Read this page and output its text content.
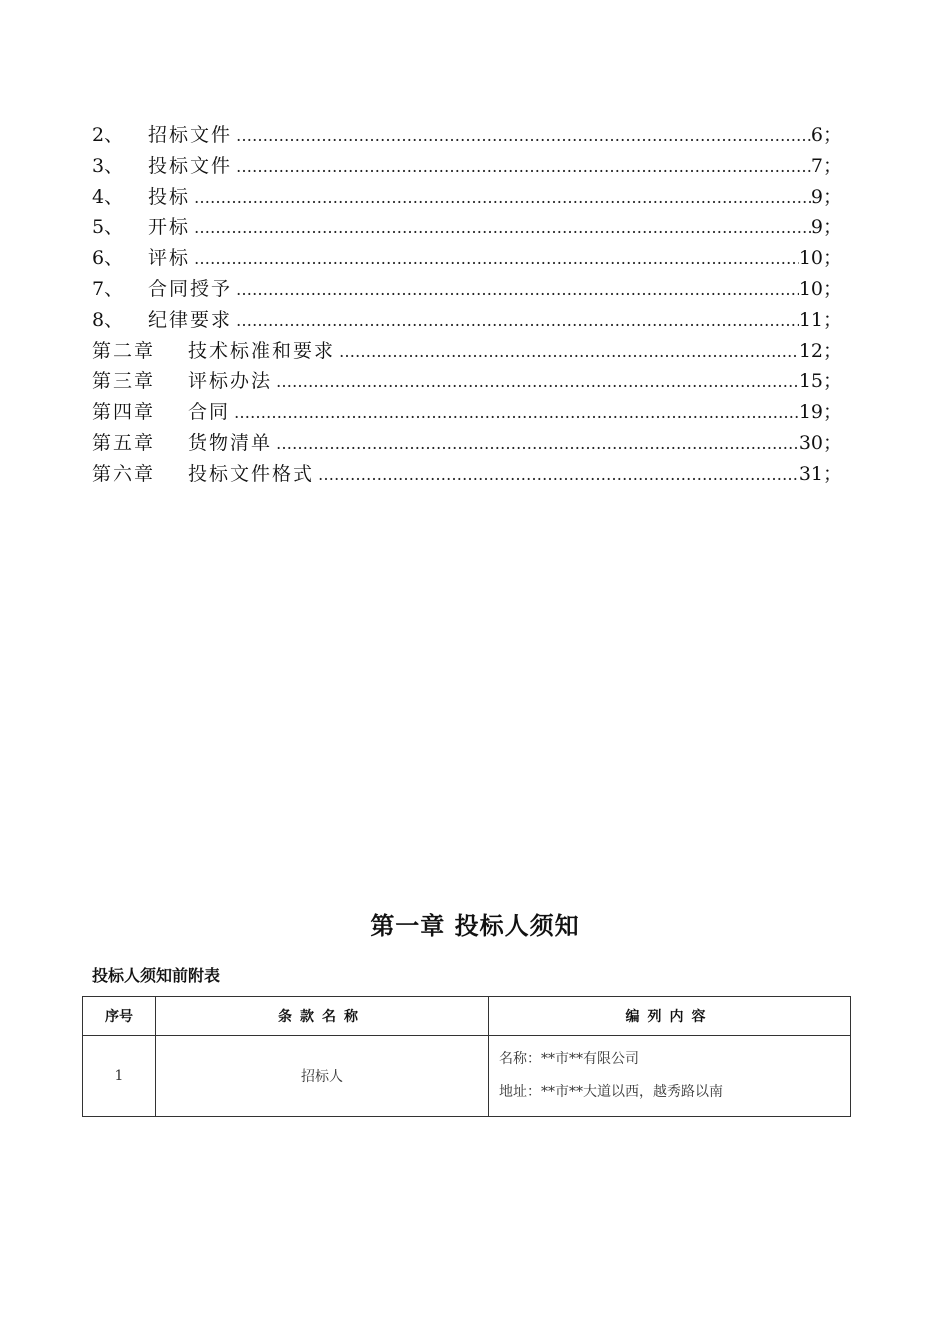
2、	招标文件 ……………………………………………………………………………………………………………………………………………………………………………………	6；
3、	投标文件 ……………………………………………………………………………………………………………………………………………………………………………………	7；
4、	投标 ……………………………………………………………………………………………………………………………………………………………………………………	9；
5、	开标 ……………………………………………………………………………………………………………………………………………………………………………………	9；
6、	评标 ……………………………………………………………………………………………………………………………………………………………………………………	10；
7、	合同授予 ……………………………………………………………………………………………………………………………………………………………………………………	10；
8、	纪律要求 ……………………………………………………………………………………………………………………………………………………………………………………	11；
第二章	技术标准和要求 ……………………………………………………………………………………………………………………………………………………………………………………	12；
第三章	评标办法 ……………………………………………………………………………………………………………………………………………………………………………………	15；
第四章	合同 ……………………………………………………………………………………………………………………………………………………………………………………	19；
第五章	货物清单 ……………………………………………………………………………………………………………………………………………………………………………………	30；
第六章	投标文件格式 ……………………………………………………………………………………………………………………………………………………………………………………	31；
第一章 投标人须知
投标人须知前附表
序号	条款名称	编列内容
1	招标人	名称：**市**有限公司
地址：**市**大道以西，越秀路以南
